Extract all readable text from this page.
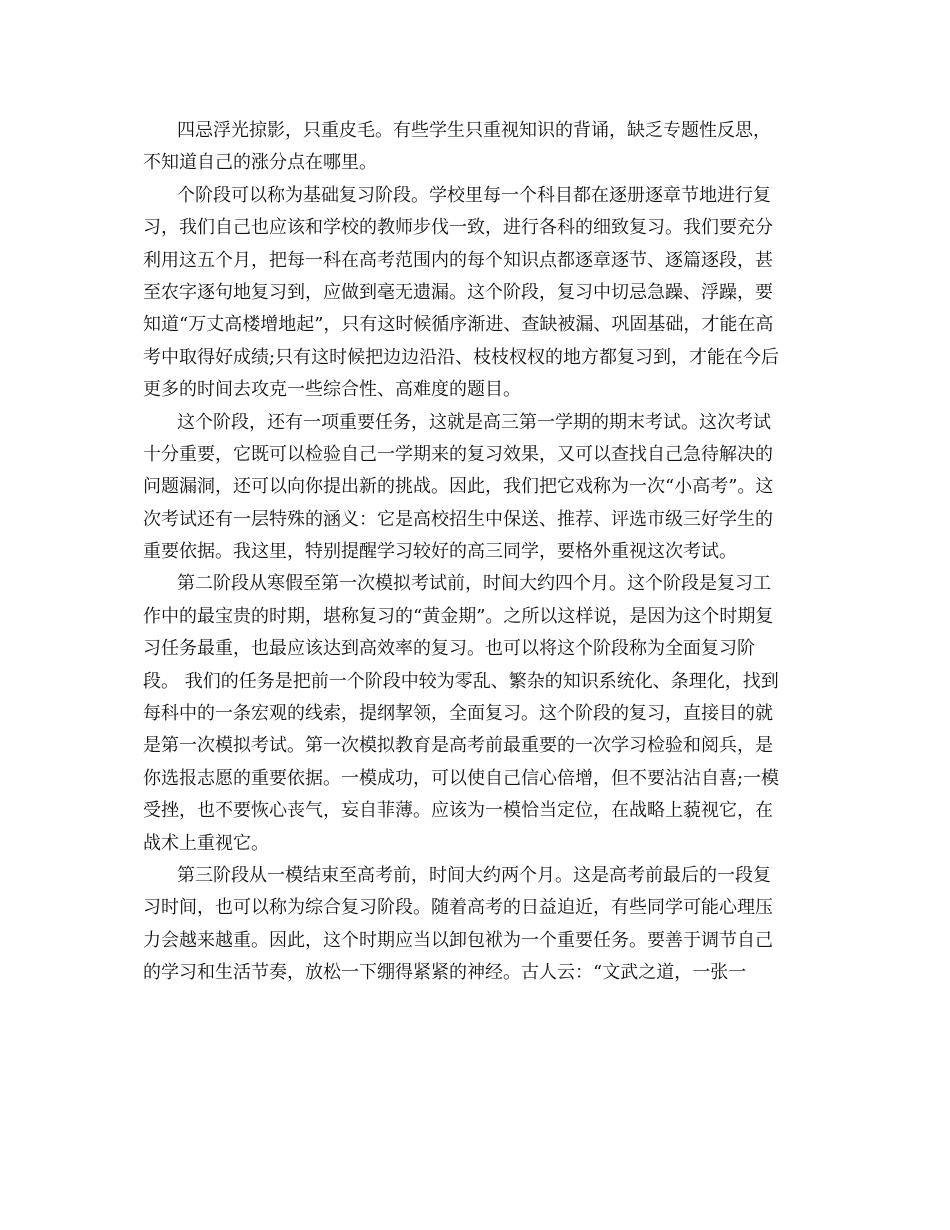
四忌浮光掠影，只重皮毛。有些学生只重视知识的背诵，缺乏专题性反思，
不知道自己的涨分点在哪里。
个阶段可以称为基础复习阶段。学校里每一个科目都在逐册逐章节地进行复
习，我们自己也应该和学校的教师步伐一致，进行各科的细致复习。我们要充分
利用这五个月，把每一科在高考范围内的每个知识点都逐章逐节、逐篇逐段，甚
至农字逐句地复习到，应做到毫无遗漏。这个阶段，复习中切忌急躁、浮躁，要
知道“万丈高楼增地起”，只有这时候循序渐进、查缺被漏、巩固基础，才能在高
考中取得好成绩;只有这时候把边边沿沿、枝枝杈杈的地方都复习到，才能在今后
更多的时间去攻克一些综合性、高难度的题目。
这个阶段，还有一项重要任务，这就是高三第一学期的期末考试。这次考试
十分重要，它既可以检验自己一学期来的复习效果，又可以查找自己急待解决的
问题漏洞，还可以向你提出新的挑战。因此，我们把它戏称为一次“小高考”。这
次考试还有一层特殊的涵义：它是高校招生中保送、推荐、评选市级三好学生的
重要依据。我这里，特别提醒学习较好的高三同学，要格外重视这次考试。
第二阶段从寒假至第一次模拟考试前，时间大约四个月。这个阶段是复习工
作中的最宝贵的时期，堪称复习的“黄金期”。之所以这样说，是因为这个时期复
习任务最重，也最应该达到高效率的复习。也可以将这个阶段称为全面复习阶
段。 我们的任务是把前一个阶段中较为零乱、繁杂的知识系统化、条理化，找到
每科中的一条宏观的线索，提纲挈领，全面复习。这个阶段的复习，直接目的就
是第一次模拟考试。第一次模拟教育是高考前最重要的一次学习检验和阅兵，是
你选报志愿的重要依据。一模成功，可以使自己信心倍增，但不要沾沾自喜;一模
受挫，也不要恢心丧气，妄自菲薄。应该为一模恰当定位，在战略上藐视它，在
战术上重视它。
第三阶段从一模结束至高考前，时间大约两个月。这是高考前最后的一段复
习时间，也可以称为综合复习阶段。随着高考的日益迫近，有些同学可能心理压
力会越来越重。因此，这个时期应当以卸包袱为一个重要任务。要善于调节自己
的学习和生活节奏，放松一下绷得紧紧的神经。古人云：“文武之道，一张一
